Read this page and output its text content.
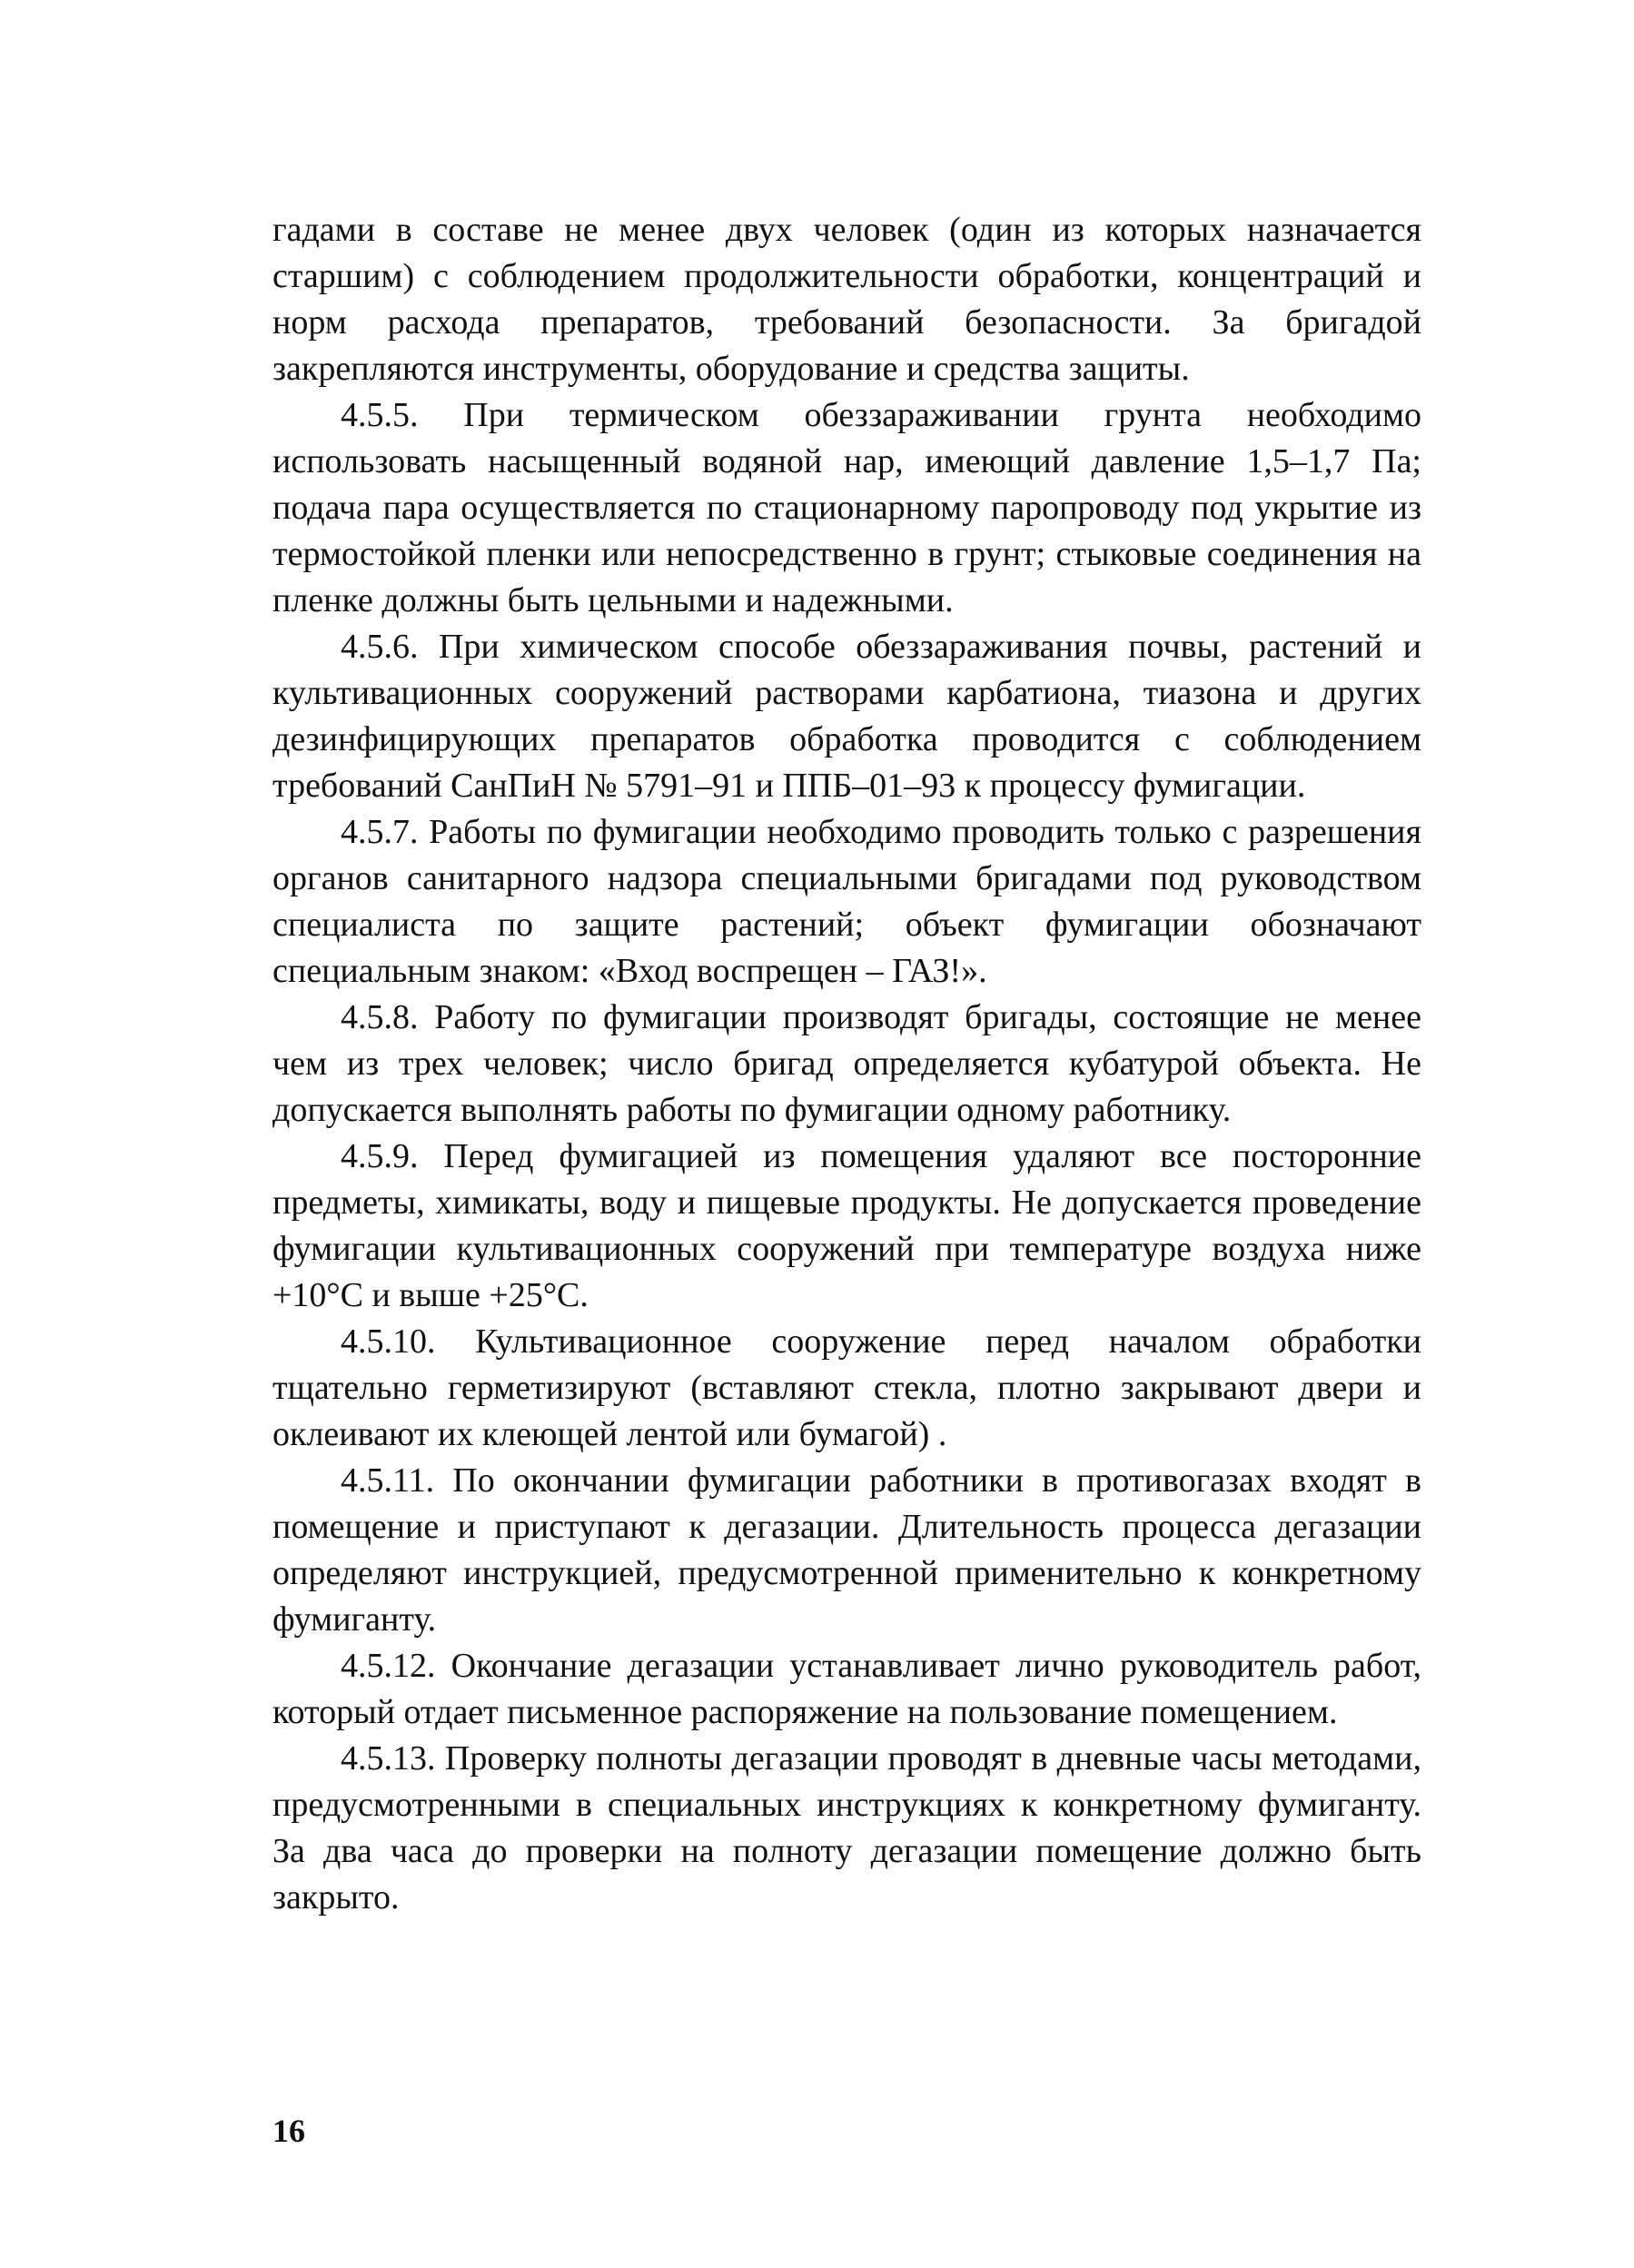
гадами в составе не менее двух человек (один из которых назначается старшим) с соблюдением продолжительности обработки, концентраций и норм расхода препаратов, требований безопасности. За бригадой закрепляются инструменты, оборудование и средства защиты.

4.5.5. При термическом обеззараживании грунта необходимо использовать насыщенный водяной нар, имеющий давление 1,5–1,7 Па; подача пара осуществляется по стационарному паропроводу под укрытие из термостойкой пленки или непосредственно в грунт; стыковые соединения на пленке должны быть цельными и надежными.

4.5.6. При химическом способе обеззараживания почвы, растений и культивационных сооружений растворами карбатиона, тиазона и других дезинфицирующих препаратов обработка проводится с соблюдением требований СанПиН № 5791–91 и ППБ–01–93 к процессу фумигации.

4.5.7. Работы по фумигации необходимо проводить только с разрешения органов санитарного надзора специальными бригадами под руководством специалиста по защите растений; объект фумигации обозначают специальным знаком: «Вход воспрещен – ГАЗ!».

4.5.8. Работу по фумигации производят бригады, состоящие не менее чем из трех человек; число бригад определяется кубатурой объекта. Не допускается выполнять работы по фумигации одному работнику.

4.5.9. Перед фумигацией из помещения удаляют все посторонние предметы, химикаты, воду и пищевые продукты. Не допускается проведение фумигации культивационных сооружений при температуре воздуха ниже +10°С и выше +25°С.

4.5.10. Культивационное сооружение перед началом обработки тщательно герметизируют (вставляют стекла, плотно закрывают двери и оклеивают их клеющей лентой или бумагой) .

4.5.11. По окончании фумигации работники в противогазах входят в помещение и приступают к дегазации. Длительность процесса дегазации определяют инструкцией, предусмотренной применительно к конкретному фумиганту.

4.5.12. Окончание дегазации устанавливает лично руководитель работ, который отдает письменное распоряжение на пользование помещением.

4.5.13. Проверку полноты дегазации проводят в дневные часы методами, предусмотренными в специальных инструкциях к конкретному фумиганту. За два часа до проверки на полноту дегазации помещение должно быть закрыто.

16
